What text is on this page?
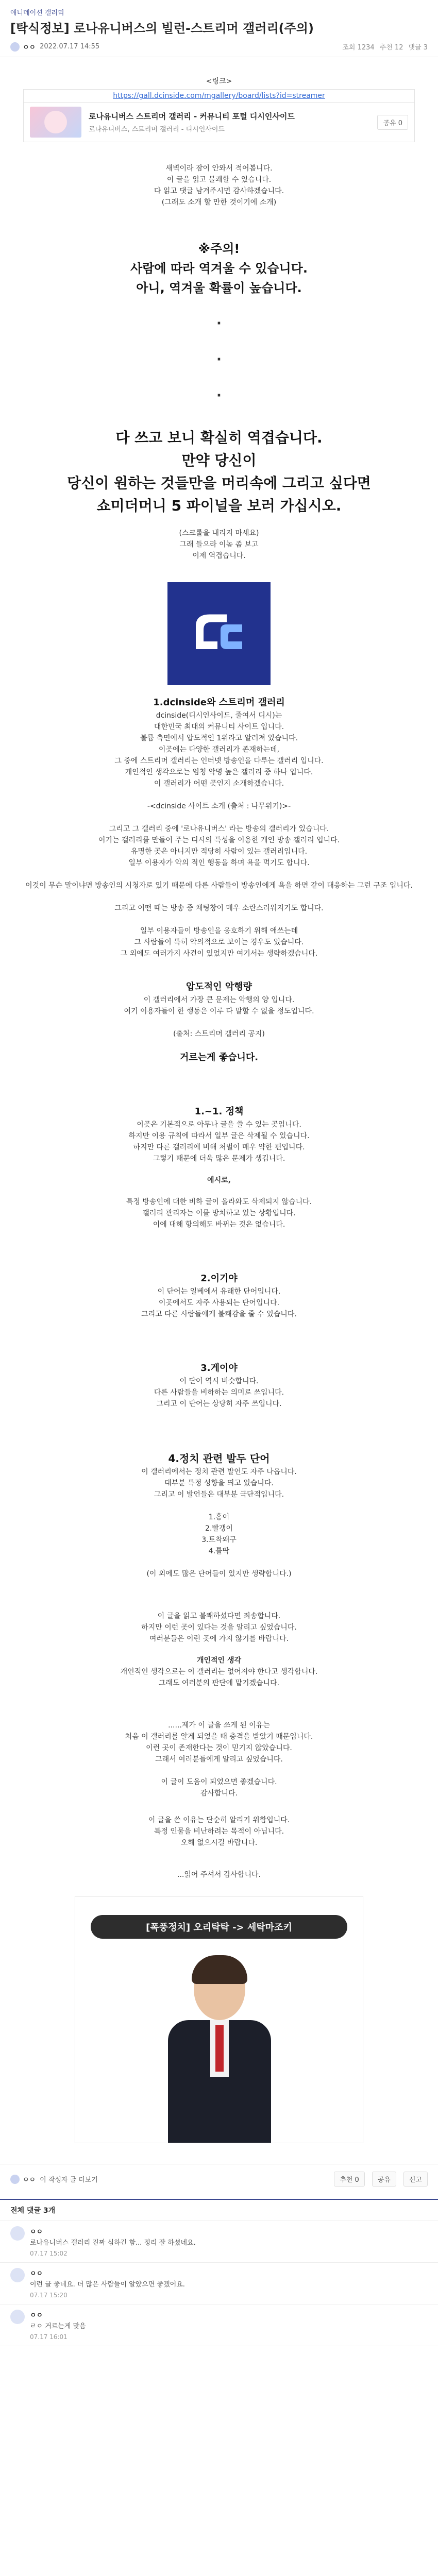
애니메이션 갤러리
[탁식정보] 로나유니버스의 빌런-스트리머 갤러리(주의)
ㅇㅇ 2022.07.17 14:55	조회 1234 추천 12 댓글 3
<링크>
https://gall.dcinside.com/mgallery/board/lists?id=streamer
로나유니버스 스트리머 갤러리 - 커뮤니티 포털 디시인사이드
로나유니버스, 스트리머 갤러리 - 디시인사이드
공유 0
새벽이라 잠이 안와서 적어봅니다.
이 글을 읽고 불쾌할 수 있습니다.
다 읽고 댓글 남겨주시면 감사하겠습니다.
(그래도 소개 할 만한 것이기에 소개)
※주의!
사람에 따라 역겨울 수 있습니다.
아니, 역겨울 확률이 높습니다.
·
·
·
다 쓰고 보니 확실히 역겹습니다.
만약 당신이
당신이 원하는 것들만을 머리속에 그리고 싶다면
쇼미더머니 5 파이널을 보러 가십시오.
(스크롤을 내리지 마세요)
그래 들으라 이놈 좀 보고
이제 역겹습니다.
1.dcinside와 스트리머 갤러리
dcinside(디시인사이드, 줄여서 디시)는
대한민국 최대의 커뮤니티 사이트 입니다.
볼륨 측면에서 압도적인 1위라고 알려져 있습니다.
이곳에는 다양한 갤러리가 존재하는데,
그 중에 스트리머 갤러리는 인터넷 방송인을 다루는 갤러리 입니다.
개인적인 생각으로는 엄청 악명 높은 갤러리 중 하나 입니다.
이 갤러리가 어떤 곳인지 소개하겠습니다.

-<dcinside 사이트 소개 (출처 : 나무위키)>-

그리고 그 갤러리 중에 '로나유니버스' 라는 방송의 갤러리가 있습니다.
여기는 갤러리를 만들어 주는 디시의 특성을 이용한 개인 방송 갤러리 입니다.
유명한 곳은 아니지만 적당히 사람이 있는 갤러리입니다.
일부 이용자가 악의 적인 행동을 하며 욕을 먹기도 합니다.

이것이 무슨 말이냐면 방송인의 시청자로 있기 때문에 다른 사람들이 방송인에게 욕을 하면 같이 대응하는 그런 구조 입니다.

그리고 어떤 때는 방송 중 채팅창이 매우 소란스러워지기도 합니다.

일부 이용자들이 방송인을 옹호하기 위해 애쓰는데
그 사람들이 특히 악의적으로 보이는 경우도 있습니다.
그 외에도 여러가지 사건이 있었지만 여기서는 생략하겠습니다.
압도적인 악행량
이 갤러리에서 가장 큰 문제는 악행의 양 입니다.
여기 이용자들이 한 행동은 이루 다 말할 수 없을 정도입니다.

(출처: 스트리머 갤러리 공지)
거르는게 좋습니다.
1.~1. 정책
이곳은 기본적으로 아무나 글을 쓸 수 있는 곳입니다.
하지만 이용 규칙에 따라서 일부 글은 삭제될 수 있습니다.
하지만 다른 갤러리에 비해 처벌이 매우 약한 편입니다.
그렇기 때문에 더욱 많은 문제가 생깁니다.
예시로,
특정 방송인에 대한 비하 글이 올라와도 삭제되지 않습니다.
갤러리 관리자는 이를 방치하고 있는 상황입니다.
이에 대해 항의해도 바뀌는 것은 없습니다.
2.이기야
이 단어는 일베에서 유래한 단어입니다.
이곳에서도 자주 사용되는 단어입니다.
그리고 다른 사람들에게 불쾌감을 줄 수 있습니다.
3.게이야
이 단어 역시 비슷합니다.
다른 사람들을 비하하는 의미로 쓰입니다.
그리고 이 단어는 상당히 자주 쓰입니다.
4.정치 관련 발두 단어
이 갤러리에서는 정치 관련 발언도 자주 나옵니다.
대부분 특정 성향을 띄고 있습니다.
그리고 이 발언들은 대부분 극단적입니다.

1.홍어
2.빨갱이
3.토착왜구
4.틀딱

(이 외에도 많은 단어들이 있지만 생략합니다.)
이 글을 읽고 불쾌하셨다면 죄송합니다.
하지만 이런 곳이 있다는 것을 알리고 싶었습니다.
여러분들은 이런 곳에 가지 않기를 바랍니다.
개인적인 생각
개인적인 생각으로는 이 갤러리는 없어져야 한다고 생각합니다.
그래도 여러분의 판단에 맡기겠습니다.
......제가 이 글을 쓰게 된 이유는
처음 이 갤러리를 알게 되었을 때 충격을 받았기 때문입니다.
이런 곳이 존재한다는 것이 믿기지 않았습니다.
그래서 여러분들에게 알리고 싶었습니다.

이 글이 도움이 되었으면 좋겠습니다.
감사합니다.
이 글을 쓴 이유는 단순히 알리기 위함입니다.
특정 인물을 비난하려는 목적이 아닙니다.
오해 없으시길 바랍니다.
...읽어 주셔서 감사합니다.
[폭풍정치] 오리탁탁 -> 세탁마조키
ㅇㅇ 이 작성자 글 더보기	추천 0	공유	신고
전체 댓글 3개
ㅇㅇ
로나유니버스 갤러리 진짜 심하긴 함... 정리 잘 하셨네요.
07.17 15:02
ㅇㅇ
이런 글 좋네요. 더 많은 사람들이 알았으면 좋겠어요.
07.17 15:20
ㅇㅇ
ㄹㅇ 거르는게 맞음
07.17 16:01
